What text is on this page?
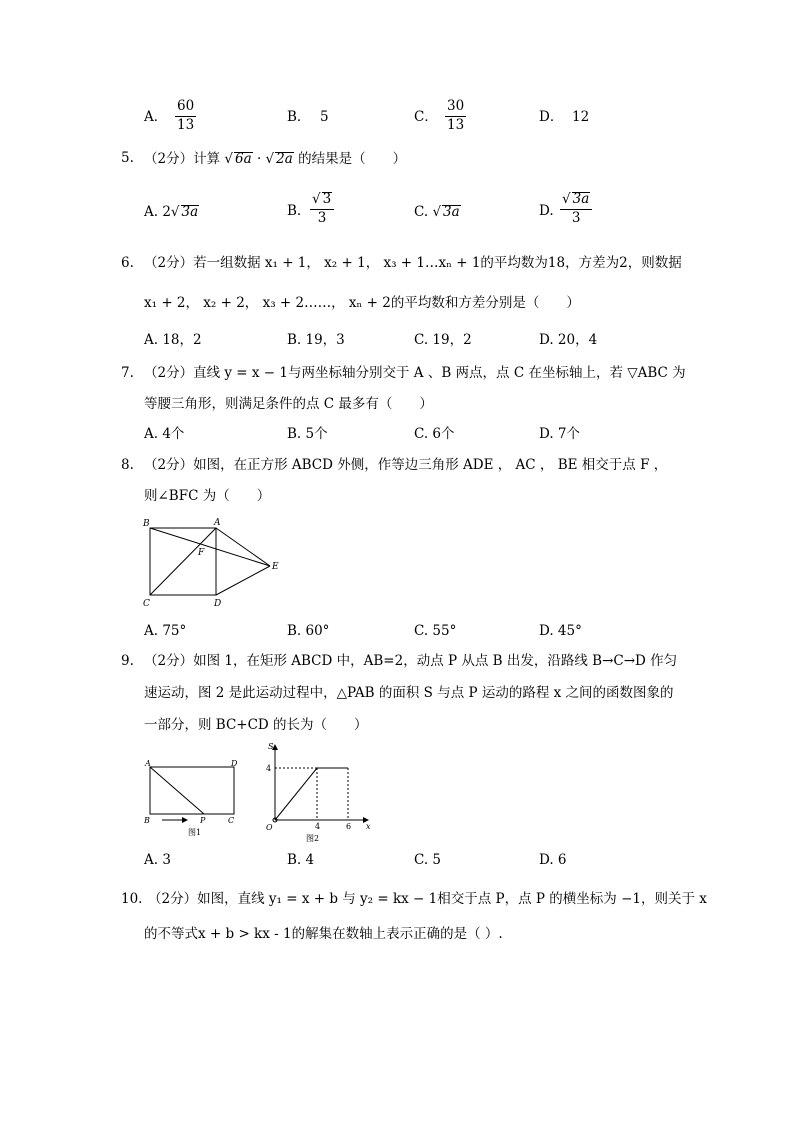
A．
60
13	B． 5	C．
30
13	D． 12
5. （2分）计算 √ 6a · √ 2a 的结果是（　　）
A. 2√ 3a	B.
√ 3
3	C. √ 3a	D.
√ 3a
3
6. （2分）若一组数据 x₁ + 1， x₂ + 1， x₃ + 1…xₙ + 1的平均数为18，方差为2，则数据
x₁ + 2， x₂ + 2， x₃ + 2……， xₙ + 2的平均数和方差分别是（　　）
A. 18，2	B. 19，3	C. 19，2	D. 20，4
7. （2分）直线 y = x − 1与两坐标轴分别交于 A 、B 两点，点 C 在坐标轴上，若 ▽ABC 为
等腰三角形，则满足条件的点 C 最多有（　　）
A. 4个	B. 5个	C. 6个	D. 7个
8. （2分）如图，在正方形 ABCD 外侧，作等边三角形 ADE ， AC ， BE 相交于点 F ，
则∠BFC 为（　　）
B	A
F
E
C	D
A. 75°	B. 60°	C. 55°	D. 45°
9. （2分）如图 1，在矩形 ABCD 中，AB=2，动点 P 从点 B 出发，沿路线 B→C→D 作匀
速运动，图 2 是此运动过程中，△PAB 的面积 S 与点 P 运动的路程 x 之间的函数图象的
一部分，则 BC+CD 的长为（　　）
A	D
B	P	C
图1
S
4
O	4	6 x
图2
A. 3	B. 4	C. 5	D. 6
10. （2分）如图，直线 y₁ = x + b 与 y₂ = kx − 1相交于点 P，点 P 的横坐标为 −1，则关于 x
的不等式x + b > kx - 1的解集在数轴上表示正确的是（ ）.
